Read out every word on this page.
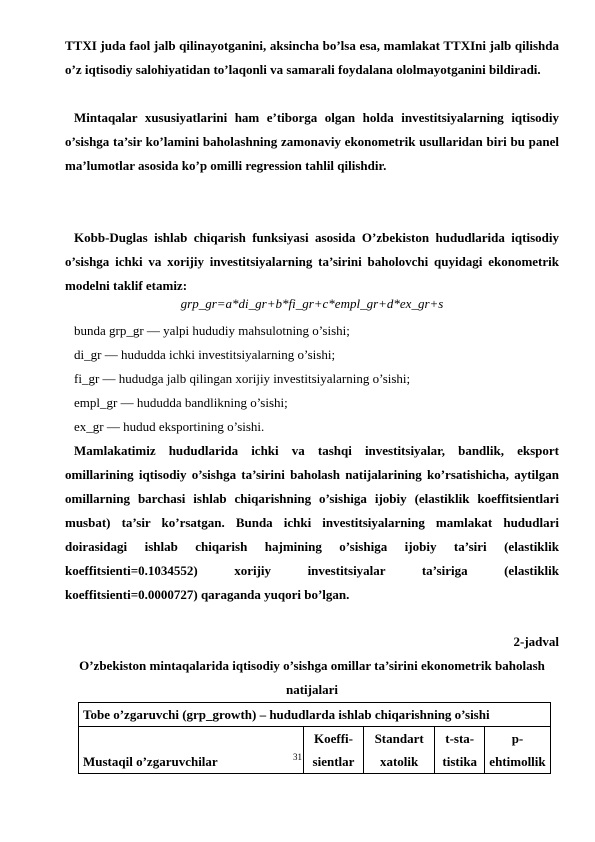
TTXI juda faol jalb qilinayotganini, aksincha bo’lsa esa, mamlakat TTXIni jalb qilishda o’z iqtisodiy salohiyatidan to’laqonli va samarali foydalana ololmayotganini bildiradi.
Mintaqalar xususiyatlarini ham e’tiborga olgan holda investitsiyalarning iqtisodiy o’sishga ta’sir ko’lamini baholashning zamonaviy ekonometrik usullaridan biri bu panel ma’lumotlar asosida ko’p omilli regression tahlil qilishdir.
Kobb-Duglas ishlab chiqarish funksiyasi asosida O’zbekiston hududlarida iqtisodiy o’sishga ichki va xorijiy investitsiyalarning ta’sirini baholovchi quyidagi ekonometrik modelni taklif etamiz:
grp_gr=a*di_gr+b*fi_gr+c*empl_gr+d*ex_gr+s
bunda grp_gr — yalpi hududiy mahsulotning o’sishi;
di_gr — hududda ichki investitsiyalarning o’sishi;
fi_gr — hududga jalb qilingan xorijiy investitsiyalarning o’sishi;
empl_gr — hududda bandlikning o’sishi;
ex_gr — hudud eksportining o’sishi.
Mamlakatimiz hududlarida ichki va tashqi investitsiyalar, bandlik, eksport omillarining iqtisodiy o’sishga ta’sirini baholash natijalarining ko’rsatishicha, aytilgan omillarning barchasi ishlab chiqarishning o’sishiga ijobiy (elastiklik koeffitsientlari musbat) ta’sir ko’rsatgan. Bunda ichki investitsiyalarning mamlakat hududlari doirasidagi ishlab chiqarish hajmining o’sishiga ijobiy ta’siri (elastiklik koeffitsienti=0.1034552) xorijiy investitsiyalar ta’siriga (elastiklik koeffitsienti=0.0000727) qaraganda yuqori bo’lgan.
2-jadval
O’zbekiston mintaqalarida iqtisodiy o’sishga omillar ta’sirini ekonometrik baholash natijalari
Tobe o’zgaruvchi (grp_growth) – hududlarda ishlab chiqarishning o’sishi
Mustaqil o’zgaruvchilar	Koeffi-sientlar	Standart xatolik	t-sta-tistika	p-ehtimollik
31
